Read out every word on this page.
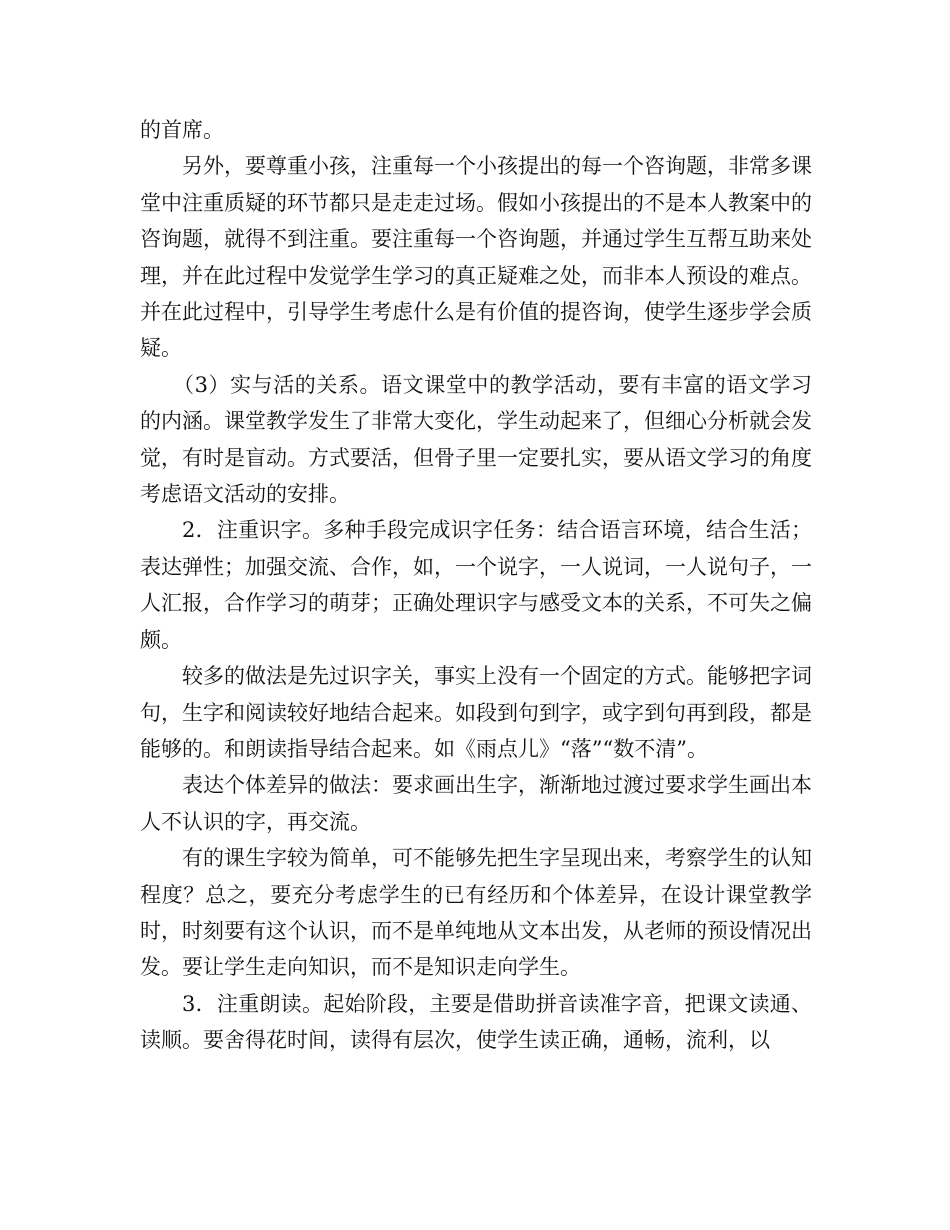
的首席。

另外，要尊重小孩，注重每一个小孩提出的每一个咨询题，非常多课堂中注重质疑的环节都只是走走过场。假如小孩提出的不是本人教案中的咨询题，就得不到注重。要注重每一个咨询题，并通过学生互帮互助来处理，并在此过程中发觉学生学习的真正疑难之处，而非本人预设的难点。并在此过程中，引导学生考虑什么是有价值的提咨询，使学生逐步学会质疑。

（3）实与活的关系。语文课堂中的教学活动，要有丰富的语文学习的内涵。课堂教学发生了非常大变化，学生动起来了，但细心分析就会发觉，有时是盲动。方式要活，但骨子里一定要扎实，要从语文学习的角度考虑语文活动的安排。

2．注重识字。多种手段完成识字任务：结合语言环境，结合生活；表达弹性；加强交流、合作，如，一个说字，一人说词，一人说句子，一人汇报，合作学习的萌芽；正确处理识字与感受文本的关系，不可失之偏颇。

较多的做法是先过识字关，事实上没有一个固定的方式。能够把字词句，生字和阅读较好地结合起来。如段到句到字，或字到句再到段，都是能够的。和朗读指导结合起来。如《雨点儿》“落”“数不清”。

表达个体差异的做法：要求画出生字，渐渐地过渡过要求学生画出本人不认识的字，再交流。

有的课生字较为简单，可不能够先把生字呈现出来，考察学生的认知程度？总之，要充分考虑学生的已有经历和个体差异，在设计课堂教学时，时刻要有这个认识，而不是单纯地从文本出发，从老师的预设情况出发。要让学生走向知识，而不是知识走向学生。

3．注重朗读。起始阶段，主要是借助拼音读准字音，把课文读通、读顺。要舍得花时间，读得有层次，使学生读正确，通畅，流利，以
